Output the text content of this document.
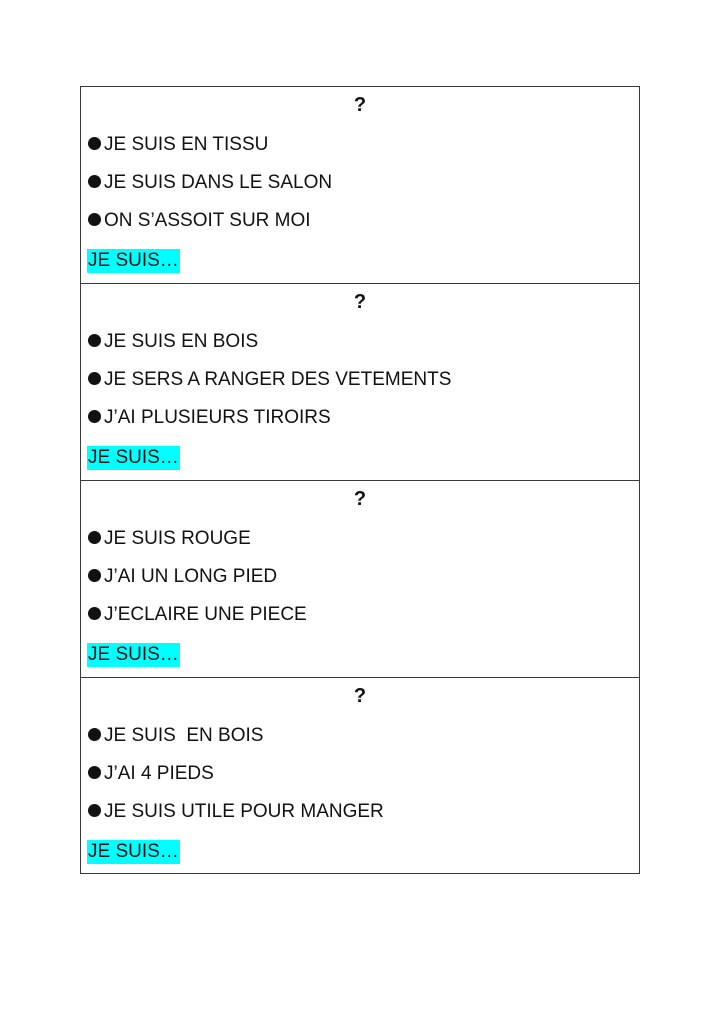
?
JE SUIS EN TISSU
JE SUIS DANS LE SALON
ON S’ASSOIT SUR MOI
JE SUIS…
?
JE SUIS EN BOIS
JE SERS A RANGER DES VETEMENTS
J’AI PLUSIEURS TIROIRS
JE SUIS…
?
JE SUIS ROUGE
J’AI UN LONG PIED
J’ECLAIRE UNE PIECE
JE SUIS…
?
JE SUIS  EN BOIS
J’AI 4 PIEDS
JE SUIS UTILE POUR MANGER
JE SUIS…
